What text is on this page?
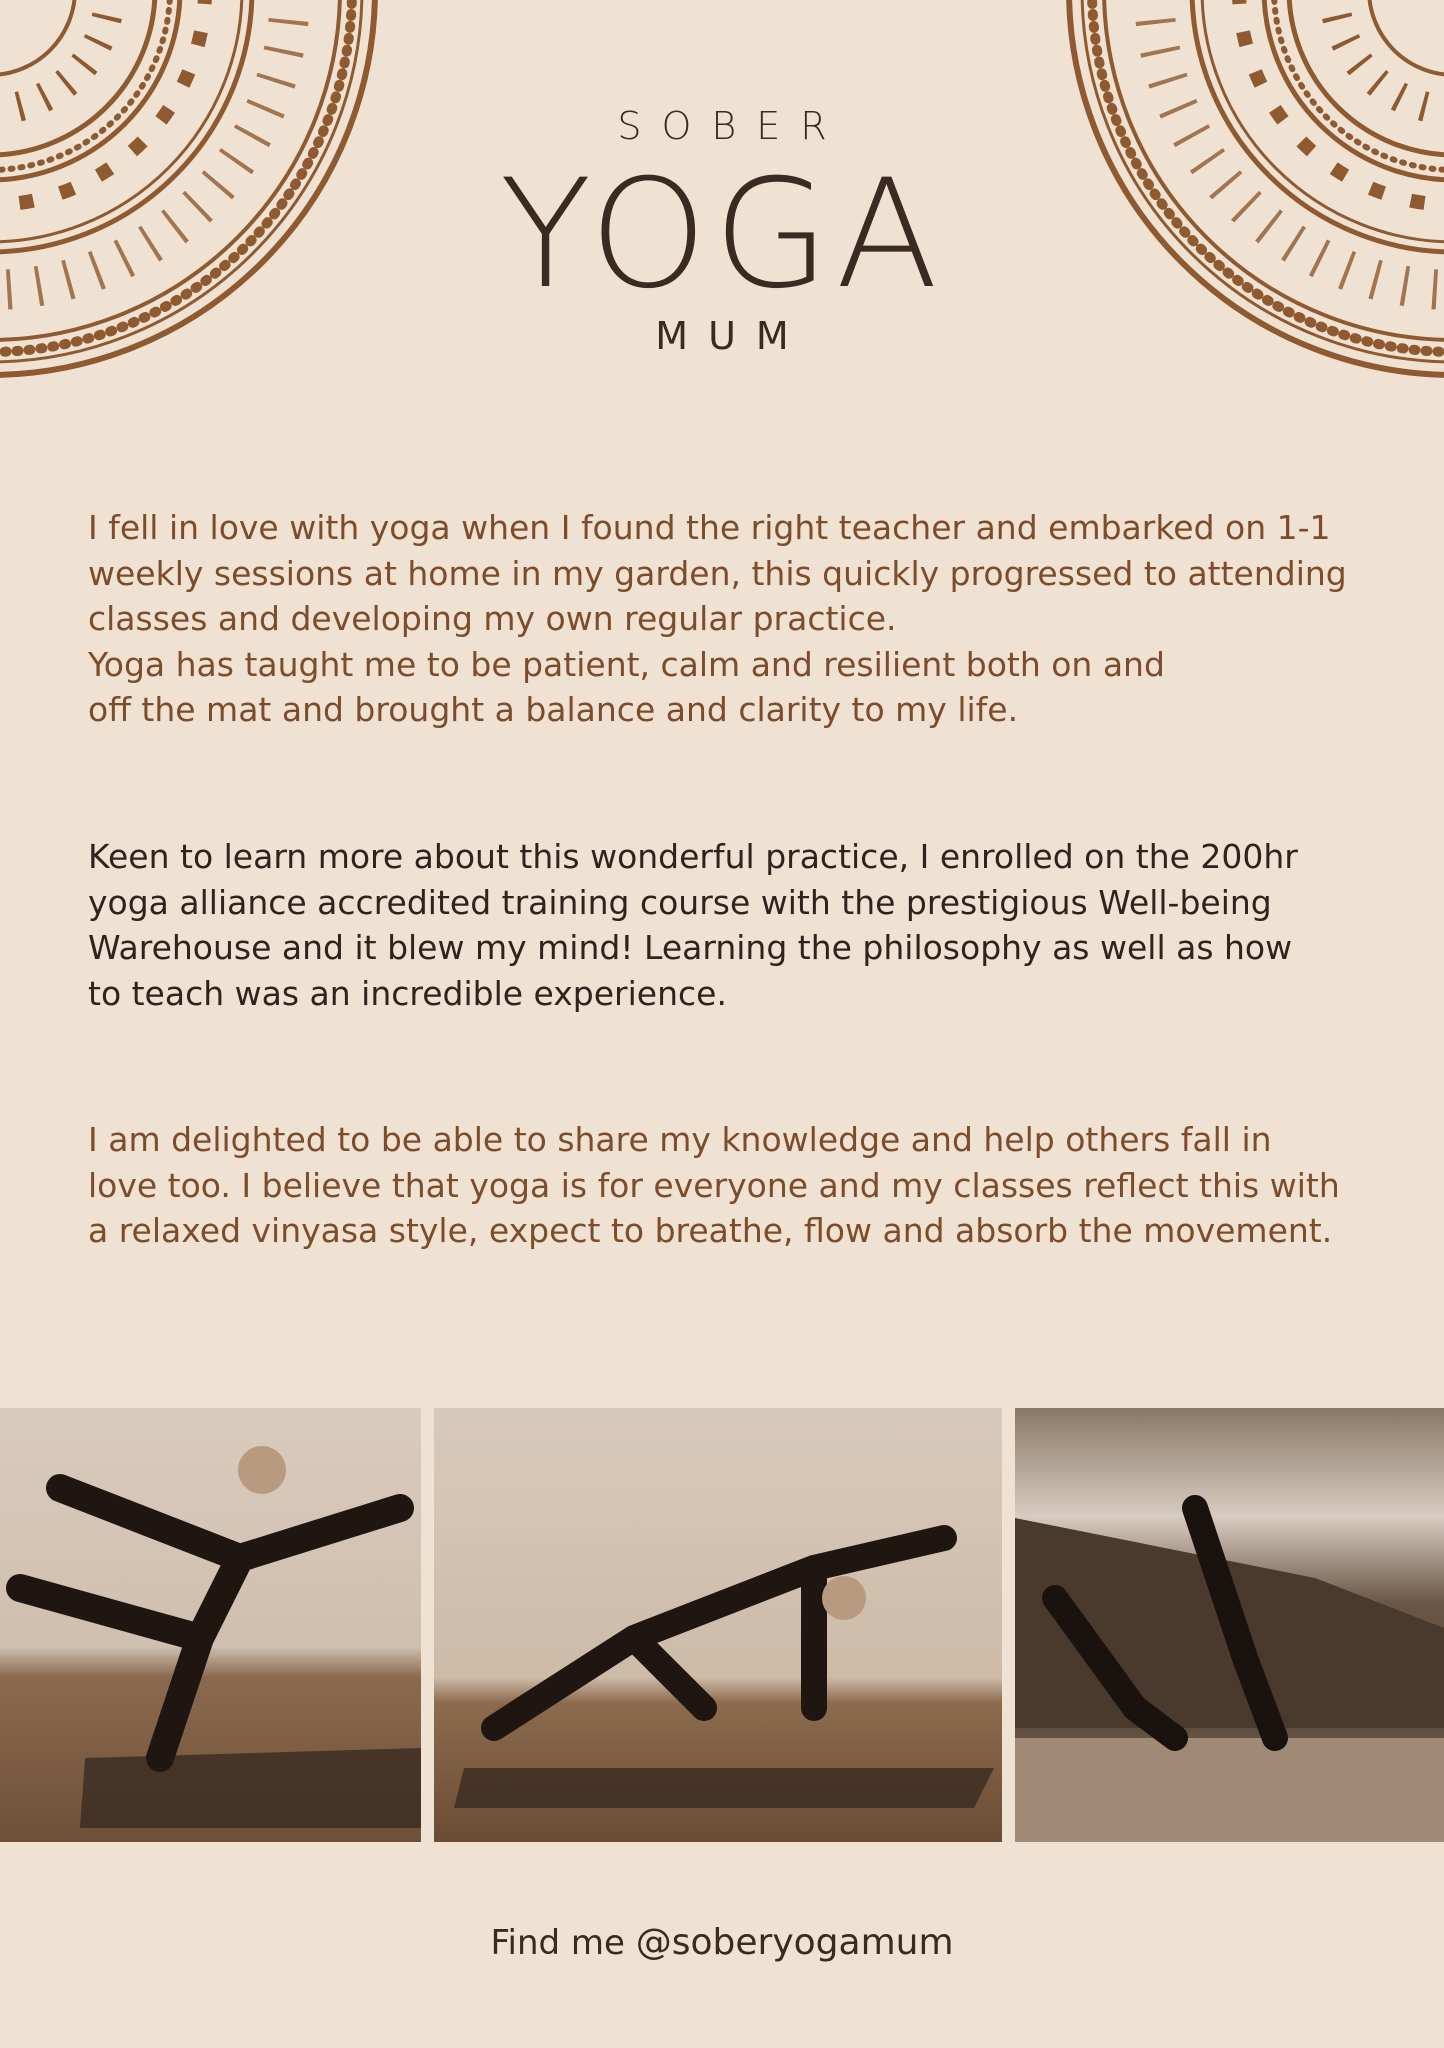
SOBER
YOGA
MUM
I fell in love with yoga when I found the right teacher and embarked on 1-1
weekly sessions at home in my garden, this quickly progressed to attending
classes and developing my own regular practice.
Yoga has taught me to be patient, calm and resilient both on and
off the mat and brought a balance and clarity to my life.
Keen to learn more about this wonderful practice, I enrolled on the 200hr
yoga alliance accredited training course with the prestigious Well-being
Warehouse and it blew my mind! Learning the philosophy as well as how
to teach was an incredible experience.
I am delighted to be able to share my knowledge and help others fall in
love too. I believe that yoga is for everyone and my classes reflect this with
a relaxed vinyasa style, expect to breathe, flow and absorb the movement.
Find me @soberyogamum
